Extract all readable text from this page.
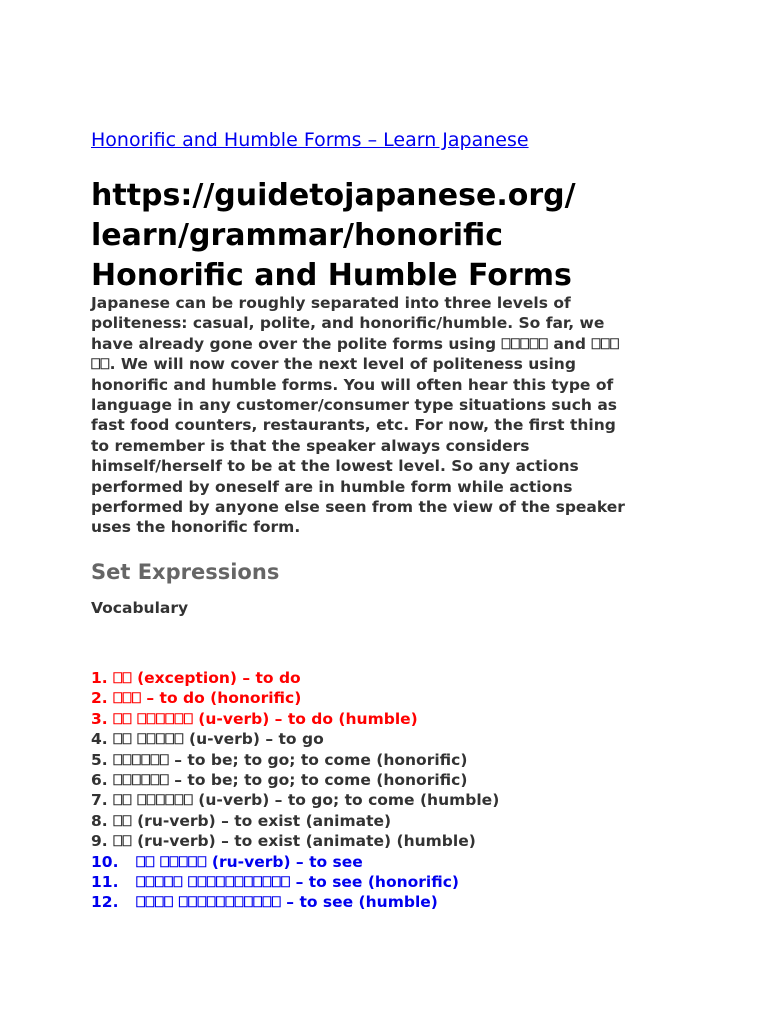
Honorific and Humble Forms – Learn Japanese
https://guidetojapanese.org/
learn/grammar/honorific
Honorific and Humble Forms

Japanese can be roughly separated into three levels of
politeness: casual, polite, and honorific/humble. So far, we
have already gone over the polite forms using ⎕⎕⎕⎕⎕ and ⎕⎕⎕
⎕⎕. We will now cover the next level of politeness using
honorific and humble forms. You will often hear this type of
language in any customer/consumer type situations such as
fast food counters, restaurants, etc. For now, the first thing
to remember is that the speaker always considers
himself/herself to be at the lowest level. So any actions
performed by oneself are in humble form while actions
performed by anyone else seen from the view of the speaker
uses the honorific form.

Set Expressions
Vocabulary
1. ⎕⎕ (exception) – to do
2. ⎕⎕⎕ – to do (honorific)
3. ⎕⎕ ⎕⎕⎕⎕⎕⎕ (u-verb) – to do (humble)
4. ⎕⎕ ⎕⎕⎕⎕⎕ (u-verb) – to go
5. ⎕⎕⎕⎕⎕⎕ – to be; to go; to come (honorific)
6. ⎕⎕⎕⎕⎕⎕ – to be; to go; to come (honorific)
7. ⎕⎕ ⎕⎕⎕⎕⎕⎕ (u-verb) – to go; to come (humble)
8. ⎕⎕ (ru-verb) – to exist (animate)
9. ⎕⎕ (ru-verb) – to exist (animate) (humble)
10. ⎕⎕ ⎕⎕⎕⎕⎕ (ru-verb) – to see
11. ⎕⎕⎕⎕⎕ ⎕⎕⎕⎕⎕⎕⎕⎕⎕⎕⎕ – to see (honorific)
12. ⎕⎕⎕⎕ ⎕⎕⎕⎕⎕⎕⎕⎕⎕⎕⎕ – to see (humble)
